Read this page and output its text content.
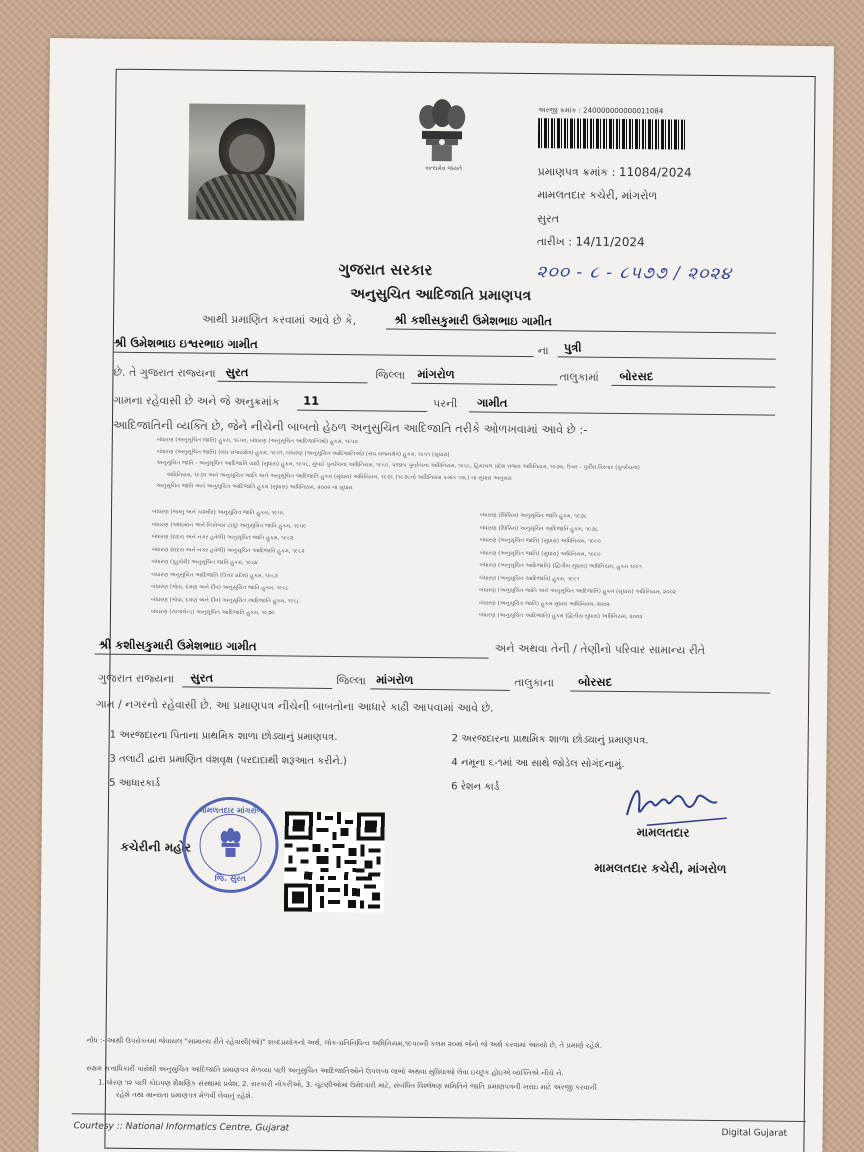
સત્યમેવ જયતે
અરજી ક્રમાંક : 240000000000011084
પ્રમાણપત્ર ક્રમાંક : 11084/2024
મામલતદાર કચેરી, માંગરોળ
સુરત
તારીખ : 14/11/2024
ગુજરાત સરકાર	૨૦૦ - ૮ - ૮૫૭૭ / ૨૦૨૪
અનુસુચિત આદિજાતિ પ્રમાણપત્ર
આથી પ્રમાણિત કરવામાં આવે છે કે,	શ્રી કશીસકુમારી ઉમેશભાઇ ગામીત
શ્રી ઉમેશભાઇ ઇશ્વરભાઇ ગામીત	ના પુત્રી
છે. તે ગુજરાત રાજ્યના સુરત	જિલ્લા માંગરોળ	તાલુકામાં બોરસદ
ગામના રહેવાસી છે અને જે અનુક્રમાંક 11	પરની ગામીત
આદિજાતિની વ્યક્તિ છે, જેને નીચેની બાબતો હેઠળ અનુસુચિત આદિજાતિ તરીકે ઓળખવામાં આવે છે :-
બંધારણ (અનુસૂચિત જાતિ) હુકમ, ૧૯૫૦, બંધારણ (અનુસૂચિત આદિજાતિઓ) હુકમ, ૧૯૫૦
બંધારણ (અનુસૂચિત જાતિ) (સંઘ રાજ્યક્ષેત્ર) હુકમ, ૧૯૫૧, બંધારણ (અનુસૂચિત આદિજાતિઓ) (સંઘ રાજ્યક્ષેત્ર) હુકમ, ૧૯૫૧ (સુધારા)
અનુસૂચિત જાતિ - અનુસૂચિત આદિજાતિ યાદી (સુધારા) હુકમ, ૧૯૫૬, મુંબઈ પુનર્રચના અધિનિયમ, ૧૯૬૦, પંજાબ પુનર્રચના અધિનિયમ, ૧૯૬૬, હિમાચલ પ્રદેશ રાજ્ય અધિનિયમ, ૧૯૭૦, ઉત્તર - પૂર્વીય વિસ્તાર (પુનર્રચના)
અધિનિયમ, ૧૯૭૧ અને અનુસૂચિત જાતિ અને અનુસૂચિત આદિજાતિ હુકમ (સુધારા) અધિનિયમ, ૧૯૭૬ (૧૯૭૬નો અધિનિયમ ક્રમાંક ૧૦૮) ના સુધારા અનુસાર
અનુસૂચિત જાતિ અને અનુસૂચિત આદિજાતિ હુકમ (સુધારા) અધિનિયમ, ૨૦૦૨ ના સુધારા
બંધારણ (જમ્મુ અને કાશ્મીર) અનુસૂચિત જાતિ હુકમ, ૧૯૫૬
બંધારણ (આંદામાન અને નિકોબાર ટાપુ) અનુસૂચિત જાતિ હુકમ, ૧૯૫૯
બંધારણ (દાદરા અને નગર હવેલી) અનુસૂચિત જાતિ હુકમ, ૧૯૬૨
બંધારણ (દાદરા અને નગર હવેલી) અનુસૂચિત આદિજાતિ હુકમ, ૧૯૬૨
બંધારણ (પુડુચેરી) અનુસૂચિત જાતિ હુકમ, ૧૯૬૪
બંધારણ અનુસૂચિત આદિજાતિ (ઉત્તર પ્રદેશ) હુકમ, ૧૯૬૭
બંધારણ (ગોવા, દમણ અને દીવ) અનુસૂચિત જાતિ હુકમ, ૧૯૬૮
બંધારણ (ગોવા, દમણ અને દીવ) અનુસૂચિત આદિજાતિ હુકમ, ૧૯૬૮
બંધારણ (નાગાલેન્ડ) અનુસૂચિત આદિજાતિ હુકમ, ૧૯૭૦
બંધારણ (સિક્કિમ) અનુસૂચિત જાતિ હુકમ, ૧૯૭૮
બંધારણ (સિક્કિમ) અનુસૂચિત આદિજાતિ હુકમ, ૧૯૭૮
બંધારણ (અનુસૂચિત જાતિ) (સુધારા) અધિનિયમ, ૧૯૯૦
બંધારણ (અનુસૂચિત જાતિ) (સુધારા) અધિનિયમ, ૧૯૯૦
બંધારણ (અનુસૂચિત આદિજાતિ) (દ્વિતીય સુધારા) અધિનિયમ, હુકમ ૧૯૯૧
બંધારણ (અનુસૂચિત આદિજાતિ) હુકમ, ૧૯૯૧
બંધારણ (અનુસૂચિત જાતિ અને અનુસૂચિત આદિજાતિ) હુકમ (સુધારા) અધિનિયમ, ૨૦૦૨
બંધારણ (અનુસૂચિત જાતિ) હુકમ સુધારા અધિનિયમ, ૨૦૦૨
બંધારણ (અનુસૂચિત આદિજાતિ) હુકમ (દ્વિતીય સુધારા) અધિનિયમ, ૨૦૦૨
શ્રી કશીસકુમારી ઉમેશભાઇ ગામીત	અને અથવા તેની / તેણીનો પરિવાર સામાન્ય રીતે
ગુજરાત રાજ્યના સુરત	જિલ્લા માંગરોળ	તાલુકાના બોરસદ
ગામ / નગરનો રહેવાસી છે. આ પ્રમાણપત્ર નીચેની બાબતોના આધારે કાઢી આપવામાં આવે છે.
1 અરજદારના પિતાના પ્રાથમિક શાળા છોડ્યાનું પ્રમાણપત્ર.	2 અરજદારના પ્રાથમિક શાળા છોડ્યાનું પ્રમાણપત્ર.
3 તલાટી દ્વારા પ્રમાણિત વંશવૃક્ષ (પરદાદાથી શરૂઆત કરીને.)	4 નમૂના ૬-૧માં આ સાથે જોડેલ સોગંદનામું.
5 આધારકાર્ડ	6 રેશન કાર્ડ
કચેરીની મહોર
મામલતદાર માંગરોળ
જિ. સુરત
મામલતદાર
મામલતદાર કચેરી, માંગરોળ
નોંધ :- આથી ઉપરોક્તમાં જેવાયલ "સામાન્ય રીતે રહેવાસી(ઓ)" શબ્દપ્રયોગનો અર્થ, લોક-પ્રતિનિધિત્વ અધિનિયમ,૧૯૫૦ની કલમ ૨૦માં જેનો જે અર્થ કરવામાં આવ્યો છે, તે પ્રમાણે રહેશે.
સક્ષમ સત્તાધિકારી પાસેથી અનુસુચિત આદિજાતિ પ્રમાણપત્ર મેળવ્યા પછી અનુસુચિત આદિજાતિઓને ઉપલબ્ધ લાભો અથવા સુવિધાઓ લેવા ઇચ્છુક હોઇએ વ્યક્તિએ નીચે ને.
1. ધોરણ ૧૨ પછી કોઇપણ શૈક્ષણિક સંસ્થામાં પ્રવેશ, 2. સરકારી નોકરીઓ, 3. ચૂંટણીઓમાં ઉમેદવારી માટે, સંબંધિત વિશ્લેષણ સમિતિને જાતિ પ્રમાણપત્રની ખરાઇ માટે અરજી કરવાની
રહેશે તથા માન્યતા પ્રમાણપત્ર મેળવી લેવાનું રહેશે.
Courtesy :: National Informatics Centre, Gujarat	Digital Gujarat
